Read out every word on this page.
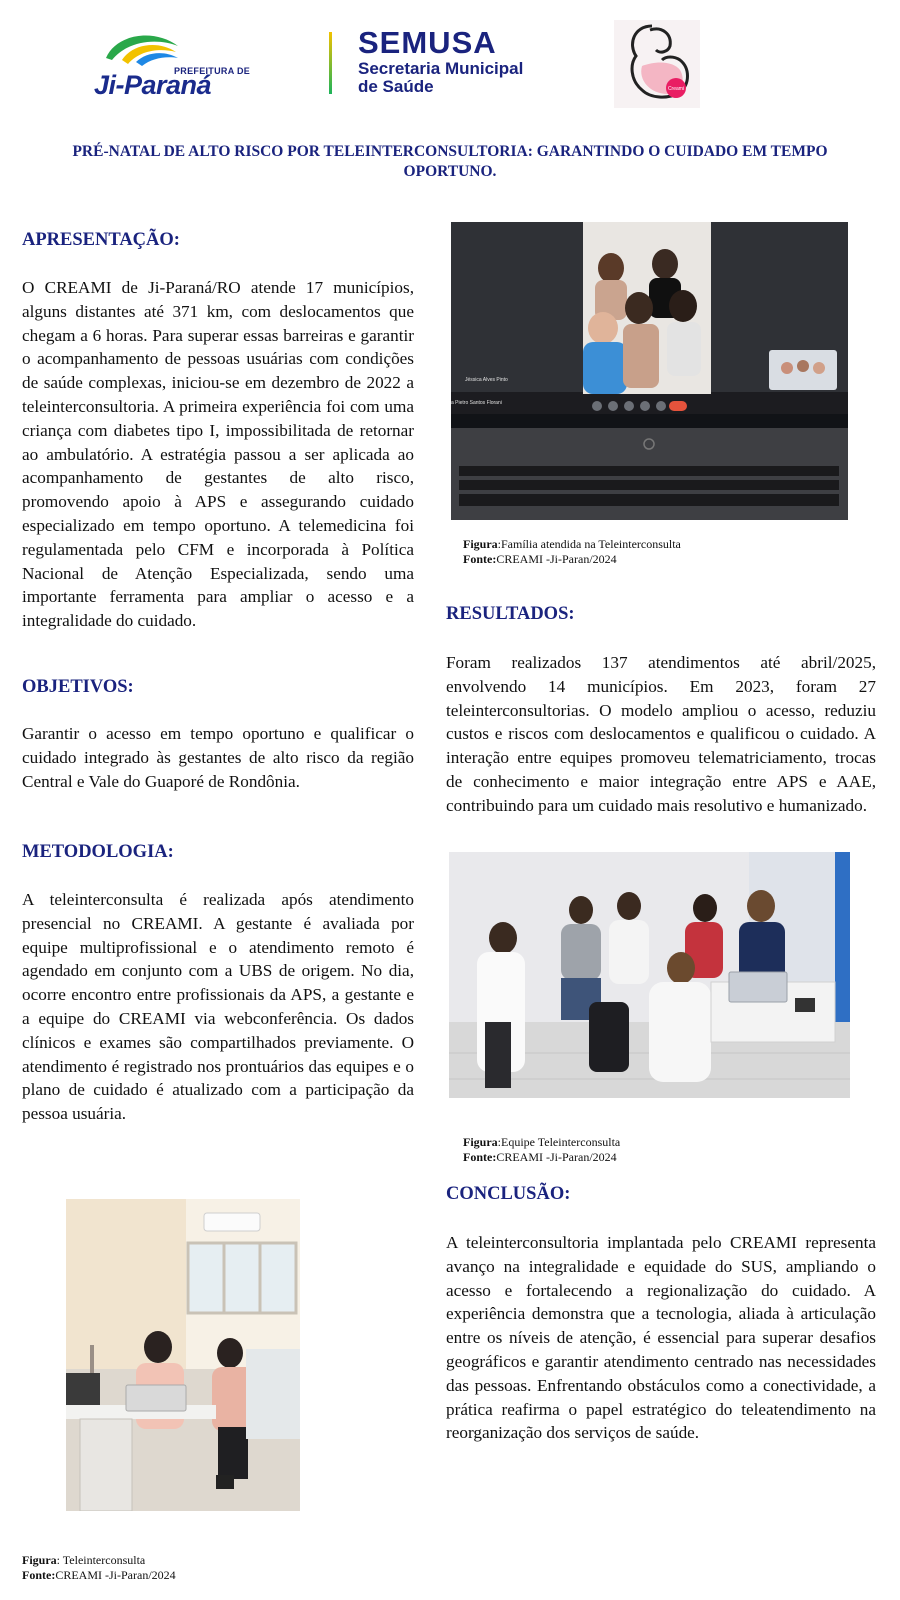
PREFEITURA DE
Ji-Paraná
SEMUSA
Secretaria Municipal
de Saúde	Creami
PRÉ-NATAL DE ALTO RISCO POR TELEINTERCONSULTORIA: GARANTINDO O CUIDADO EM TEMPO OPORTUNO.
APRESENTAÇÃO:
O CREAMI de Ji-Paraná/RO atende 17 municípios, alguns distantes até 371 km, com deslocamentos que chegam a 6 horas. Para superar essas barreiras e garantir o acompanhamento de pessoas usuárias com condições de saúde complexas, iniciou-se em dezembro de 2022 a teleinterconsultoria. A primeira experiência foi com uma criança com diabetes tipo I, impossibilitada de retornar ao ambulatório. A estratégia passou a ser aplicada ao acompanhamento de gestantes de alto risco, promovendo apoio à APS e assegurando cuidado especializado em tempo oportuno. A telemedicina foi regulamentada pelo CFM e incorporada à Política Nacional de Atenção Especializada, sendo uma importante ferramenta para ampliar o acesso e a integralidade do cuidado.
OBJETIVOS:
Garantir o acesso em tempo oportuno e qualificar o cuidado integrado às gestantes de alto risco da região Central e Vale do Guaporé de Rondônia.
METODOLOGIA:
A teleinterconsulta é realizada após atendimento presencial no CREAMI. A gestante é avaliada por equipe multiprofissional e o atendimento remoto é agendado em conjunto com a UBS de origem. No dia, ocorre encontro entre profissionais da APS, a gestante e a equipe do CREAMI via webconferência. Os dados clínicos e exames são compartilhados previamente. O atendimento é registrado nos prontuários das equipes e o plano de cuidado é atualizado com a participação da pessoa usuária.
Figura: Teleinterconsulta
Fonte:CREAMI -Ji-Paran/2024
Jéssica Alves Pinto
a Pietro Santos Florani
Figura:Família atendida na Teleinterconsulta
Fonte:CREAMI -Ji-Paran/2024
RESULTADOS:
Foram realizados 137 atendimentos até abril/2025, envolvendo 14 municípios. Em 2023, foram 27 teleinterconsultorias. O modelo ampliou o acesso, reduziu custos e riscos com deslocamentos e qualificou o cuidado. A interação entre equipes promoveu telematriciamento, trocas de conhecimento e maior integração entre APS e AAE, contribuindo para um cuidado mais resolutivo e humanizado.
Figura:Equipe Teleinterconsulta
Fonte:CREAMI -Ji-Paran/2024
CONCLUSÃO:
A teleinterconsultoria implantada pelo CREAMI representa avanço na integralidade e equidade do SUS, ampliando o acesso e fortalecendo a regionalização do cuidado. A experiência demonstra que a tecnologia, aliada à articulação entre os níveis de atenção, é essencial para superar desafios geográficos e garantir atendimento centrado nas necessidades das pessoas. Enfrentando obstáculos como a conectividade, a prática reafirma o papel estratégico do teleatendimento na reorganização dos serviços de saúde.
